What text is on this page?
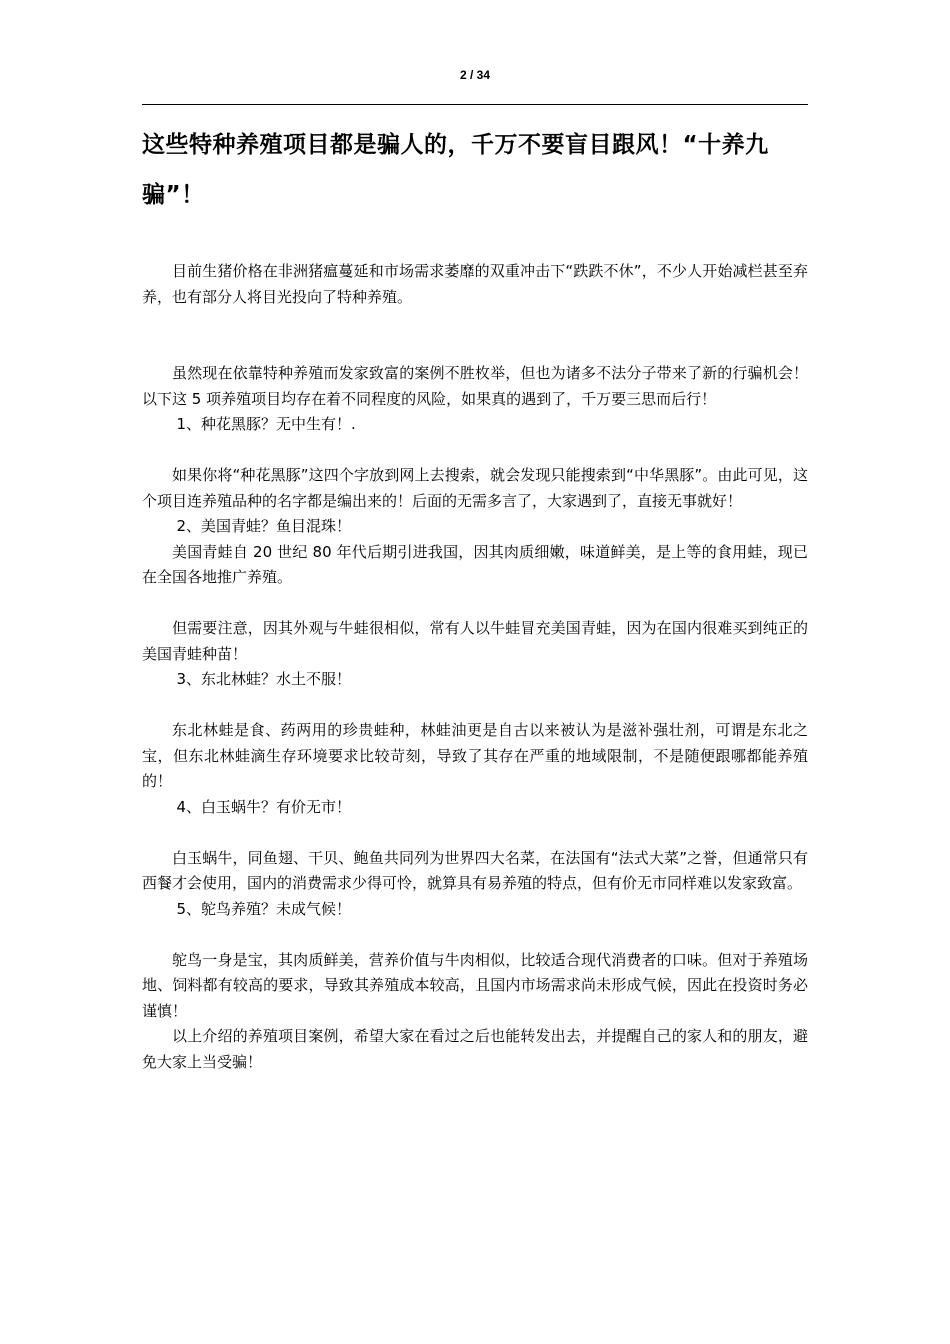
2 / 34
这些特种养殖项目都是骗人的，千万不要盲目跟风！“十养九骗”！

目前生猪价格在非洲猪瘟蔓延和市场需求萎靡的双重冲击下“跌跌不休”，不少人开始减栏甚至弃养，也有部分人将目光投向了特种养殖。

虽然现在依靠特种养殖而发家致富的案例不胜枚举，但也为诸多不法分子带来了新的行骗机会！以下这 5 项养殖项目均存在着不同程度的风险，如果真的遇到了，千万要三思而后行！

1、种花黑豚？无中生有！.

如果你将“种花黑豚”这四个字放到网上去搜索，就会发现只能搜索到“中华黑豚”。由此可见，这个项目连养殖品种的名字都是编出来的！后面的无需多言了，大家遇到了，直接无事就好！

2、美国青蛙？鱼目混珠！

美国青蛙自 20 世纪 80 年代后期引进我国，因其肉质细嫩，味道鲜美，是上等的食用蛙，现已在全国各地推广养殖。

但需要注意，因其外观与牛蛙很相似，常有人以牛蛙冒充美国青蛙，因为在国内很难买到纯正的美国青蛙种苗！

3、东北林蛙？水土不服！

东北林蛙是食、药两用的珍贵蛙种，林蛙油更是自古以来被认为是滋补强壮剂，可谓是东北之宝，但东北林蛙滴生存环境要求比较苛刻，导致了其存在严重的地域限制，不是随便跟哪都能养殖的！

4、白玉蜗牛？有价无市！

白玉蜗牛，同鱼翅、干贝、鲍鱼共同列为世界四大名菜，在法国有“法式大菜”之誉，但通常只有西餐才会使用，国内的消费需求少得可怜，就算具有易养殖的特点，但有价无市同样难以发家致富。

5、鸵鸟养殖？未成气候！

鸵鸟一身是宝，其肉质鲜美，营养价值与牛肉相似，比较适合现代消费者的口味。但对于养殖场地、饲料都有较高的要求，导致其养殖成本较高，且国内市场需求尚未形成气候，因此在投资时务必谨慎！

以上介绍的养殖项目案例，希望大家在看过之后也能转发出去，并提醒自己的家人和的朋友，避免大家上当受骗！
